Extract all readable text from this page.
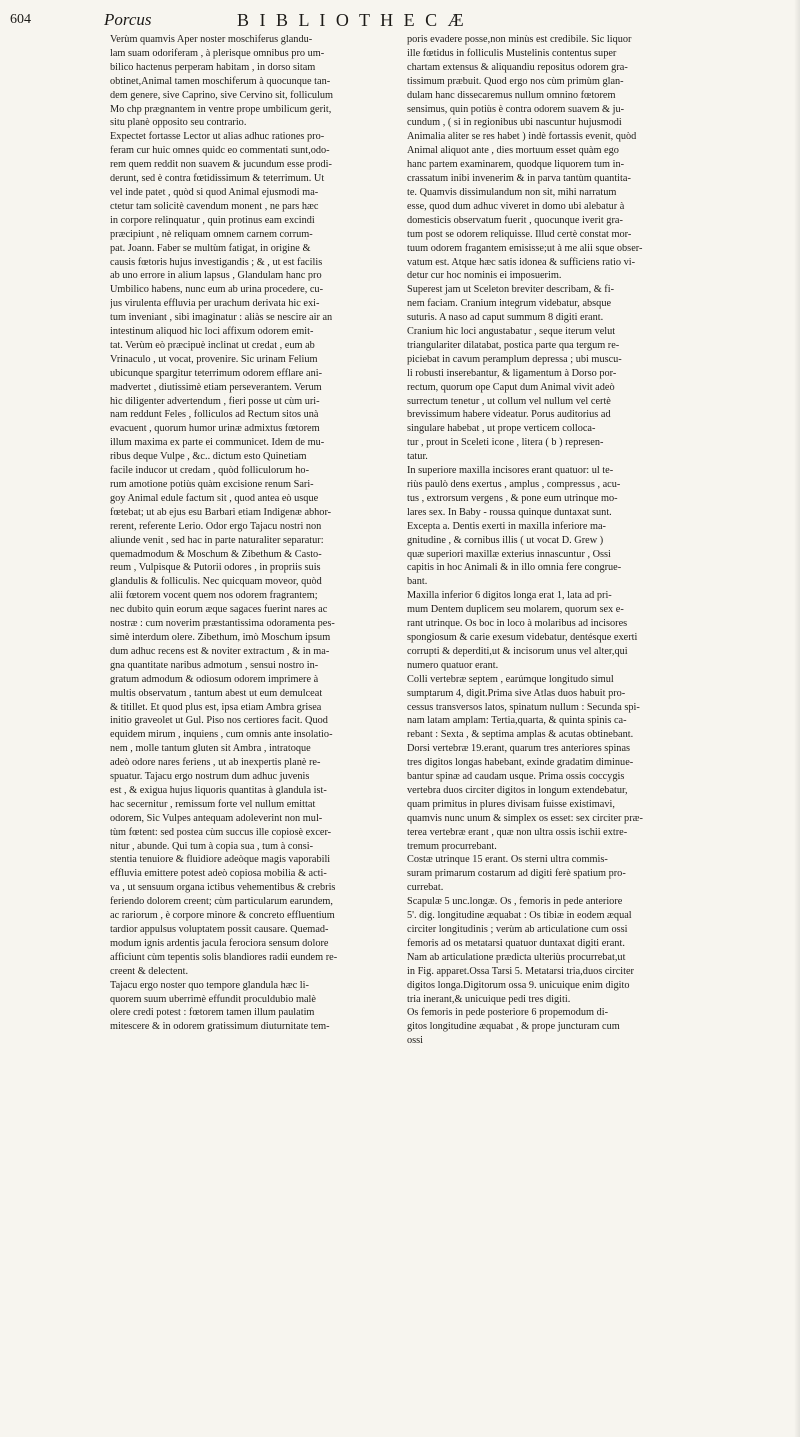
604	Porcus	B I B L I O T H E C Æ
Verùm quamvis Aper noster moschiferus glandu-
lam suam odoriferam , à plerisque omnibus pro um-
bilico hactenus perperam habitam , in dorso sitam
obtinet,Animal tamen moschiferum à quocunque tan-
dem genere, sive Caprino, sive Cervino sit, folliculum
Mo chp prægnantem in ventre prope umbilicum gerit,
situ planè opposito seu contrario.
Expectet fortasse Lector ut alias adhuc rationes pro-
feram cur huic omnes quidc eo commentati sunt,odo-
rem quem reddit non suavem & jucundum esse prodi-
derunt, sed è contra fœtidissimum & teterrimum. Ut
vel inde patet , quòd si quod Animal ejusmodi ma-
ctetur tam solicitè cavendum monent , ne pars hæc
in corpore relinquatur , quin protinus eam excindi
præcipiunt , nè reliquam omnem carnem corrum-
pat. Joann. Faber se multùm fatigat, in origine &
causis fœtoris hujus investigandis ; & , ut est facilis
ab uno errore in alium lapsus , Glandulam hanc pro
Umbilico habens, nunc eum ab urina procedere, cu-
jus virulenta effluvia per urachum derivata hic exi-
tum inveniant , sibi imaginatur : aliàs se nescire air an
intestinum aliquod hic loci affixum odorem emit-
tat. Verùm eò præcipuè inclinat ut credat , eum ab
Vrinaculo , ut vocat, provenire. Sic urinam Felium
ubicunque spargitur teterrimum odorem efflare ani-
madvertet , diutissimè etiam perseverantem. Verum
hìc diligenter advertendum , fieri posse ut cùm uri-
nam reddunt Feles , folliculos ad Rectum sitos unà
evacuent , quorum humor urinæ admixtus fœtorem
illum maxima ex parte ei communicet. Idem de mu-
ribus deque Vulpe , &c.. dictum esto Quinetiam
facile inducor ut credam , quòd folliculorum ho-
rum amotione potiùs quàm excisione renum Sari-
goy Animal edule factum sit , quod antea eò usque
fœtebat; ut ab ejus esu Barbari etiam Indigenæ abhor-
rerent, referente Lerio. Odor ergo Tajacu nostri non
aliunde venit , sed hac in parte naturaliter separatur:
quemadmodum & Moschum & Zibethum & Casto-
reum , Vulpisque & Putorii odores , in propriis suis
glandulis & folliculis. Nec quicquam moveor, quòd
alii fœtorem vocent quem nos odorem fragrantem;
nec dubito quin eorum æque sagaces fuerint nares ac
nostræ : cum noverim præstantissima odoramenta pes-
simè interdum olere. Zibethum, imò Moschum ipsum
dum adhuc recens est & noviter extractum , & in ma-
gna quantitate naribus admotum , sensui nostro in-
gratum admodum & odiosum odorem imprimere à
multis observatum , tantum abest ut eum demulceat
& titillet. Et quod plus est, ipsa etiam Ambra grisea
initio graveolet ut Gul. Piso nos certiores facit. Quod
equidem mirum , inquiens , cum omnis ante insolatio-
nem , molle tantum gluten sit Ambra , intratoque
adeò odore nares feriens , ut ab inexpertis planè re-
spuatur. Tajacu ergo nostrum dum adhuc juvenis
est , & exigua hujus liquoris quantitas à glandula ist-
hac secernitur , remissum forte vel nullum emittat
odorem, Sic Vulpes antequam adoleverint non mul-
tùm fœtent: sed postea cùm succus ille copiosè excer-
nitur , abunde. Qui tum à copia sua , tum à consi-
stentia tenuiore & fluidiore adeòque magis vaporabili
effluvia emittere potest adeò copiosa mobilia & acti-
va , ut sensuum organa ictibus vehementibus & crebris
feriendo dolorem creent; cùm particularum earundem,
ac rariorum , è corpore minore & concreto effluentium
tardior appulsus voluptatem possit causare. Quemad-
modum ignis ardentis jacula ferociora sensum dolore
afficiunt cùm tepentis solis blandiores radii eundem re-
creent & delectent.
Tajacu ergo noster quo tempore glandula hæc li-
quorem suum uberrimè effundit proculdubio malè
olere credi potest : fœtorem tamen illum paulatim
mitescere & in odorem gratissimum diuturnitate tem-
poris evadere posse,non minùs est credibile. Sic liquor
ille fœtidus in folliculis Mustelinis contentus super
chartam extensus & aliquandiu repositus odorem gra-
tissimum præbuit. Quod ergo nos cùm primùm glan-
dulam hanc dissecaremus nullum omnino fœtorem
sensimus, quin potiùs è contra odorem suavem & ju-
cundum , ( si in regionibus ubi nascuntur hujusmodi
Animalia aliter se res habet ) indè fortassis evenit, quòd
Animal aliquot ante , dies mortuum esset quàm ego
hanc partem examinarem, quodque liquorem tum in-
crassatum inibi invenerim & in parva tantùm quantita-
te. Quamvis dissimulandum non sit, mihi narratum
esse, quod dum adhuc viveret in domo ubi alebatur à
domesticis observatum fuerit , quocunque iverit gra-
tum post se odorem reliquisse. Illud certè constat mor-
tuum odorem fragantem emisisse;ut à me alii sque obser-
vatum est. Atque hæc satis idonea & sufficiens ratio vi-
detur cur hoc nominis ei imposuerim.
Superest jam ut Sceleton breviter describam, & fi-
nem faciam. Cranium integrum videbatur, absque
suturis. A naso ad caput summum 8 digiti erant.
Cranium hìc loci angustabatur , seque iterum velut
triangulariter dilatabat, postica parte qua tergum re-
piciebat in cavum peramplum depressa ; ubi muscu-
li robusti inserebantur, & ligamentum à Dorso por-
rectum, quorum ope Caput dum Animal vivit adeò
surrectum tenetur , ut collum vel nullum vel certè
brevissimum habere videatur. Porus auditorius ad
singulare habebat , ut prope verticem colloca-
tur , prout in Sceleti icone , litera ( b ) represen-
tatur.
In superiore maxilla incisores erant quatuor: ul te-
riùs paulò dens exertus , amplus , compressus , acu-
tus , extrorsum vergens , & pone eum utrinque mo-
lares sex. In Baby - roussa quinque duntaxat sunt.
Excepta a. Dentis exerti in maxilla inferiore ma-
gnitudine , & cornibus illis ( ut vocat D. Grew )
quæ superiori maxillæ exterius innascuntur , Ossi
capitis in hoc Animali & in illo omnia fere congrue-
bant.
Maxilla inferior 6 digitos longa erat 1, lata ad pri-
mum Dentem duplicem seu molarem, quorum sex e-
rant utrinque. Os boc in loco à molaribus ad incisores
spongiosum & carie exesum videbatur, dentésque exerti
corrupti & deperditi,ut & incisorum unus vel alter,qui
numero quatuor erant.
Colli vertebræ septem , earúmque longitudo simul
sumptarum 4, digit.Prima sive Atlas duos habuit pro-
cessus transversos latos, spinatum nullum : Secunda spi-
nam latam amplam: Tertia,quarta, & quinta spinis ca-
rebant : Sexta , & septima amplas & acutas obtinebant.
Dorsi vertebræ 19.erant, quarum tres anteriores spinas
tres digitos longas habebant, exinde gradatim diminue-
bantur spinæ ad caudam usque. Prima ossis coccygis
vertebra duos circiter digitos in longum extendebatur,
quam primitus in plures divisam fuisse existimavi,
quamvis nunc unum & simplex os esset: sex circiter præ-
terea vertebræ erant , quæ non ultra ossis ischii extre-
tremum procurrebant.
Costæ utrinque 15 erant. Os sterni ultra commis-
suram primarum costarum ad digiti ferè spatium pro-
currebat.
Scapulæ 5 unc.longæ. Os , femoris in pede anteriore
5'. dig. longitudine æquabat : Os tibiæ in eodem æqual
circiter longitudinis ; verùm ab articulatione cum ossi
femoris ad os metatarsi quatuor duntaxat digiti erant.
Nam ab articulatione prædicta ulteriùs procurrebat,ut
in Fig. apparet.Ossa Tarsi 5. Metatarsi tria,duos circiter
digitos longa.Digitorum ossa 9. unicuique enim digito
tria inerant,& unicuique pedi tres digiti.
Os femoris in pede posteriore 6 propemodum di-
gitos longitudine æquabat , & prope juncturam cum
ossi
